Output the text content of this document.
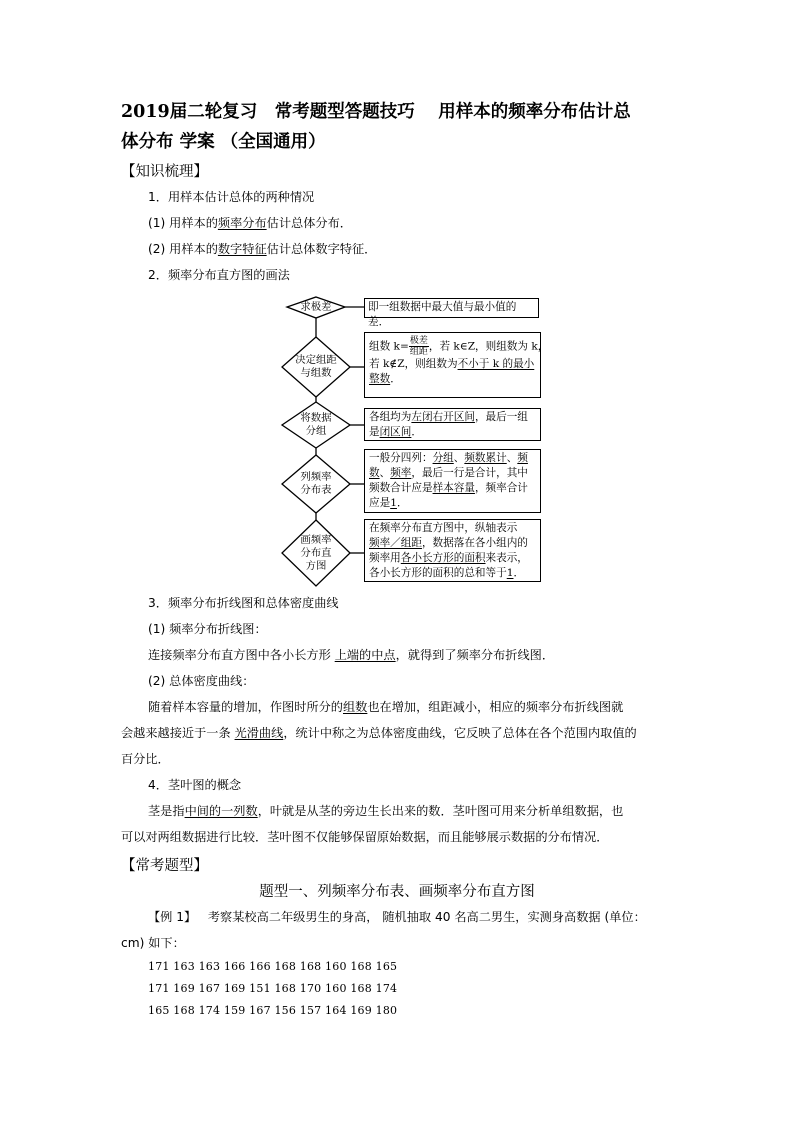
2019届二轮复习　常考题型答题技巧　 用样本的频率分布估计总
体分布 学案 （全国通用）
【知识梳理】
1．用样本估计总体的两种情况
(1) 用样本的频率分布估计总体分布．
(2) 用样本的数字特征估计总体数字特征．
2．频率分布直方图的画法
求极差
决定组距
与组数
将数据
分组
列频率
分布表
画频率
分布直
方图
即一组数据中最大值与最小值的差．
组数 $k= \frac{\text{极差}}{\text{组距}}$ ，若 k∈Z，则组数为 k，
若 k∉Z，则组数为不小于 k 的最小
整数．
各组均为左闭右开区间，最后一组
是闭区间．
一般分四列：分组、频数累计、频
数、频率，最后一行是合计，其中
频数合计应是样本容量，频率合计
应是1．
在频率分布直方图中，纵轴表示
频率／组距，数据落在各小组内的
频率用各小长方形的面积来表示，
各小长方形的面积的总和等于1．
3．频率分布折线图和总体密度曲线
(1) 频率分布折线图：
连接频率分布直方图中各小长方形 上端的中点，就得到了频率分布折线图．
(2) 总体密度曲线：
随着样本容量的增加，作图时所分的组数也在增加，组距减小，相应的频率分布折线图就
会越来越接近于一条 光滑曲线，统计中称之为总体密度曲线，它反映了总体在各个范围内取值的
百分比．
4．茎叶图的概念
茎是指中间的一列数，叶就是从茎的旁边生长出来的数．茎叶图可用来分析单组数据，也
可以对两组数据进行比较．茎叶图不仅能够保留原始数据，而且能够展示数据的分布情况．
【常考题型】
题型一、列频率分布表、画频率分布直方图
【例 1】 考察某校高二年级男生的身高， 随机抽取 40 名高二男生，实测身高数据 (单位：
cm) 如下：
171 163 163 166 166 168 168 160 168 165
171 169 167 169 151 168 170 160 168 174
165 168 174 159 167 156 157 164 169 180
